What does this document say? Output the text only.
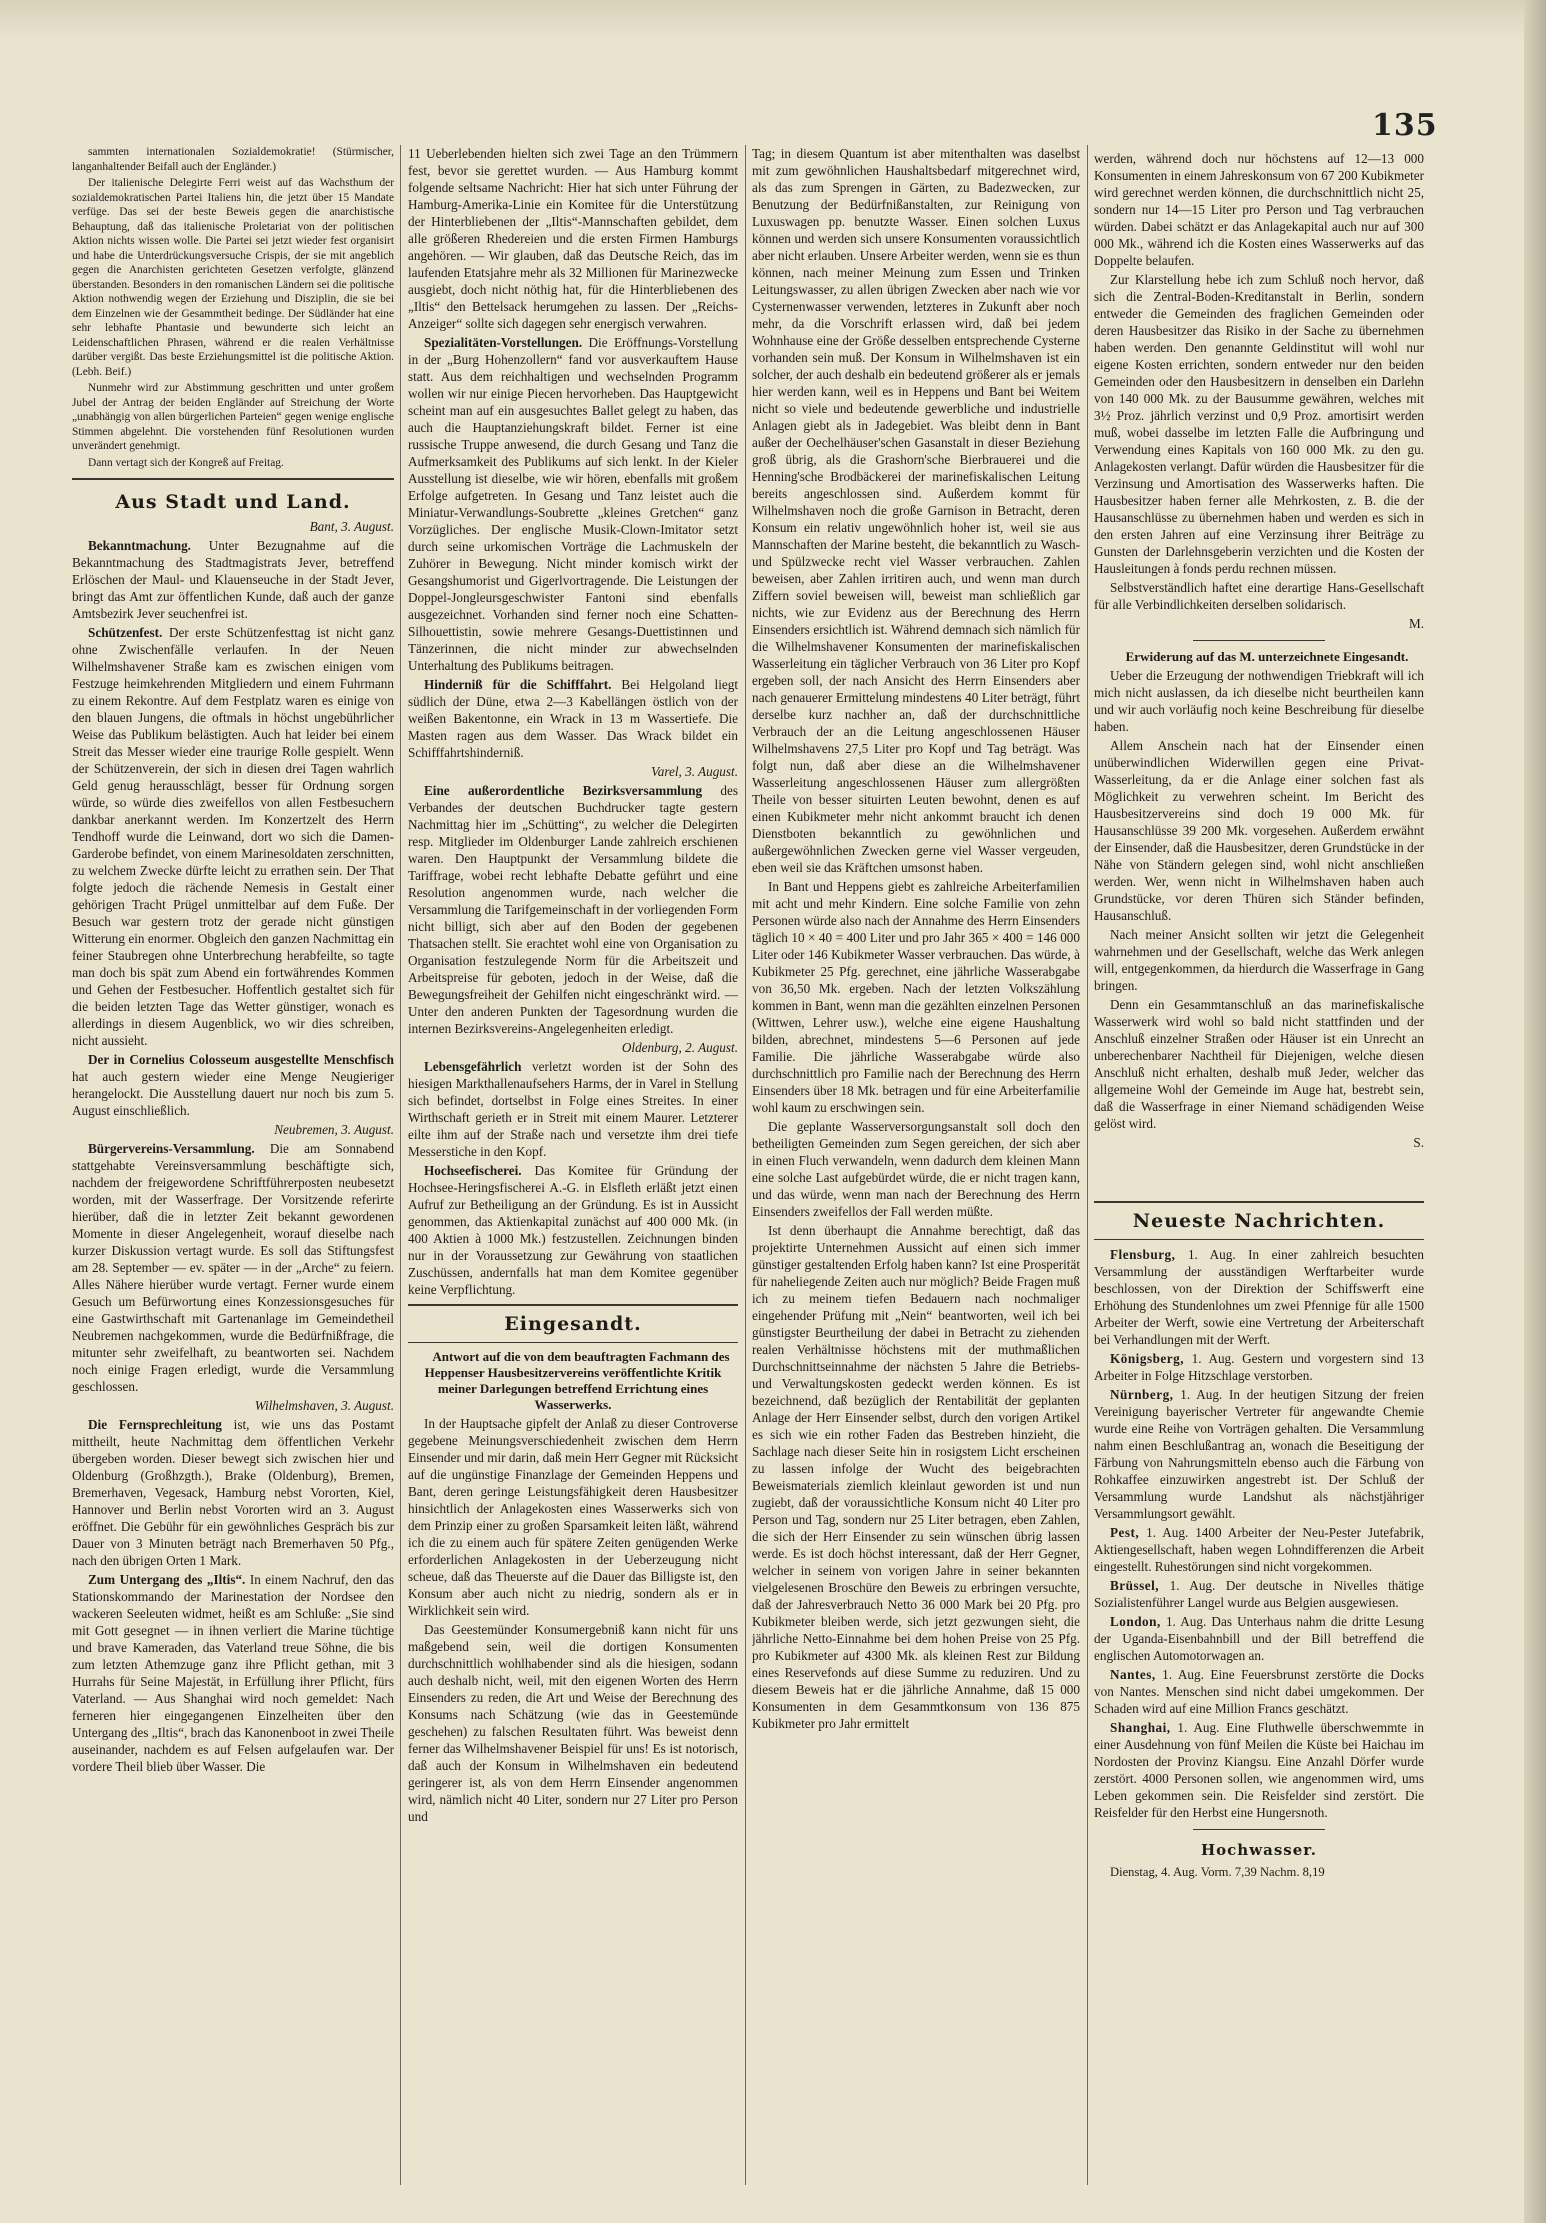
135

sammten internationalen Sozialdemokratie! (Stürmischer, langanhaltender Beifall auch der Engländer.)

Der italienische Delegirte Ferri weist auf das Wachsthum der sozialdemokratischen Partei Italiens hin, die jetzt über 15 Mandate verfüge. Das sei der beste Beweis gegen die anarchistische Behauptung, daß das italienische Proletariat von der politischen Aktion nichts wissen wolle. Die Partei sei jetzt wieder fest organisirt und habe die Unterdrückungsversuche Crispis, der sie mit angeblich gegen die Anarchisten gerichteten Gesetzen verfolgte, glänzend überstanden. Besonders in den romanischen Ländern sei die politische Aktion nothwendig wegen der Erziehung und Disziplin, die sie bei dem Einzelnen wie der Gesammtheit bedinge. Der Südländer hat eine sehr lebhafte Phantasie und bewunderte sich leicht an Leidenschaftlichen Phrasen, während er die realen Verhältnisse darüber vergißt. Das beste Erziehungsmittel ist die politische Aktion. (Lebh. Beif.)

Nunmehr wird zur Abstimmung geschritten und unter großem Jubel der Antrag der beiden Engländer auf Streichung der Worte „unabhängig von allen bürgerlichen Parteien“ gegen wenige englische Stimmen abgelehnt. Die vorstehenden fünf Resolutionen wurden unverändert genehmigt.

Dann vertagt sich der Kongreß auf Freitag.

Aus Stadt und Land.

Bant, 3. August.

Bekanntmachung. Unter Bezugnahme auf die Bekanntmachung des Stadtmagistrats Jever, betreffend Erlöschen der Maul- und Klauenseuche in der Stadt Jever, bringt das Amt zur öffentlichen Kunde, daß auch der ganze Amtsbezirk Jever seuchenfrei ist.

Schützenfest. Der erste Schützenfesttag ist nicht ganz ohne Zwischenfälle verlaufen. In der Neuen Wilhelmshavener Straße kam es zwischen einigen vom Festzuge heimkehrenden Mitgliedern und einem Fuhrmann zu einem Rekontre. Auf dem Festplatz waren es einige von den blauen Jungens, die oftmals in höchst ungebührlicher Weise das Publikum belästigten. Auch hat leider bei einem Streit das Messer wieder eine traurige Rolle gespielt. Wenn der Schützenverein, der sich in diesen drei Tagen wahrlich Geld genug herausschlägt, besser für Ordnung sorgen würde, so würde dies zweifellos von allen Festbesuchern dankbar anerkannt werden. Im Konzertzelt des Herrn Tendhoff wurde die Leinwand, dort wo sich die Damen-Garderobe befindet, von einem Marinesoldaten zerschnitten, zu welchem Zwecke dürfte leicht zu errathen sein. Der That folgte jedoch die rächende Nemesis in Gestalt einer gehörigen Tracht Prügel unmittelbar auf dem Fuße. Der Besuch war gestern trotz der gerade nicht günstigen Witterung ein enormer. Obgleich den ganzen Nachmittag ein feiner Staubregen ohne Unterbrechung herabfeilte, so tagte man doch bis spät zum Abend ein fortwährendes Kommen und Gehen der Festbesucher. Hoffentlich gestaltet sich für die beiden letzten Tage das Wetter günstiger, wonach es allerdings in diesem Augenblick, wo wir dies schreiben, nicht aussieht.

Der in Cornelius Colosseum ausgestellte Menschfisch hat auch gestern wieder eine Menge Neugieriger herangelockt. Die Ausstellung dauert nur noch bis zum 5. August einschließlich.

Neubremen, 3. August.

Bürgervereins-Versammlung. Die am Sonnabend stattgehabte Vereinsversammlung beschäftigte sich, nachdem der freigewordene Schriftführerposten neubesetzt worden, mit der Wasserfrage. Der Vorsitzende referirte hierüber, daß die in letzter Zeit bekannt gewordenen Momente in dieser Angelegenheit, worauf dieselbe nach kurzer Diskussion vertagt wurde. Es soll das Stiftungsfest am 28. September — ev. später — in der „Arche“ zu feiern. Alles Nähere hierüber wurde vertagt. Ferner wurde einem Gesuch um Befürwortung eines Konzessionsgesuches für eine Gastwirthschaft mit Gartenanlage im Gemeindetheil Neubremen nachgekommen, wurde die Bedürfnißfrage, die mitunter sehr zweifelhaft, zu beantworten sei. Nachdem noch einige Fragen erledigt, wurde die Versammlung geschlossen.

Wilhelmshaven, 3. August.

Die Fernsprechleitung ist, wie uns das Postamt mittheilt, heute Nachmittag dem öffentlichen Verkehr übergeben worden. Dieser bewegt sich zwischen hier und Oldenburg (Großhzgth.), Brake (Oldenburg), Bremen, Bremerhaven, Vegesack, Hamburg nebst Vororten, Kiel, Hannover und Berlin nebst Vororten wird an 3. August eröffnet. Die Gebühr für ein gewöhnliches Gespräch bis zur Dauer von 3 Minuten beträgt nach Bremerhaven 50 Pfg., nach den übrigen Orten 1 Mark.

Zum Untergang des „Iltis“. In einem Nachruf, den das Stationskommando der Marinestation der Nordsee den wackeren Seeleuten widmet, heißt es am Schluße: „Sie sind mit Gott gesegnet — in ihnen verliert die Marine tüchtige und brave Kameraden, das Vaterland treue Söhne, die bis zum letzten Athemzuge ganz ihre Pflicht gethan, mit 3 Hurrahs für Seine Majestät, in Erfüllung ihrer Pflicht, fürs Vaterland. — Aus Shanghai wird noch gemeldet: Nach ferneren hier eingegangenen Einzelheiten über den Untergang des „Iltis“, brach das Kanonenboot in zwei Theile auseinander, nachdem es auf Felsen aufgelaufen war. Der vordere Theil blieb über Wasser. Die

11 Ueberlebenden hielten sich zwei Tage an den Trümmern fest, bevor sie gerettet wurden. — Aus Hamburg kommt folgende seltsame Nachricht: Hier hat sich unter Führung der Hamburg-Amerika-Linie ein Komitee für die Unterstützung der Hinterbliebenen der „Iltis“-Mannschaften gebildet, dem alle größeren Rhedereien und die ersten Firmen Hamburgs angehören. — Wir glauben, daß das Deutsche Reich, das im laufenden Etatsjahre mehr als 32 Millionen für Marinezwecke ausgiebt, doch nicht nöthig hat, für die Hinterbliebenen des „Iltis“ den Bettelsack herumgehen zu lassen. Der „Reichs-Anzeiger“ sollte sich dagegen sehr energisch verwahren.

Spezialitäten-Vorstellungen. Die Eröffnungs-Vorstellung in der „Burg Hohenzollern“ fand vor ausverkauftem Hause statt. Aus dem reichhaltigen und wechselnden Programm wollen wir nur einige Piecen hervorheben. Das Hauptgewicht scheint man auf ein ausgesuchtes Ballet gelegt zu haben, das auch die Hauptanziehungskraft bildet. Ferner ist eine russische Truppe anwesend, die durch Gesang und Tanz die Aufmerksamkeit des Publikums auf sich lenkt. In der Kieler Ausstellung ist dieselbe, wie wir hören, ebenfalls mit großem Erfolge aufgetreten. In Gesang und Tanz leistet auch die Miniatur-Verwandlungs-Soubrette „kleines Gretchen“ ganz Vorzügliches. Der englische Musik-Clown-Imitator setzt durch seine urkomischen Vorträge die Lachmuskeln der Zuhörer in Bewegung. Nicht minder komisch wirkt der Gesangshumorist und Gigerlvortragende. Die Leistungen der Doppel-Jongleursgeschwister Fantoni sind ebenfalls ausgezeichnet. Vorhanden sind ferner noch eine Schatten-Silhouettistin, sowie mehrere Gesangs-Duettistinnen und Tänzerinnen, die nicht minder zur abwechselnden Unterhaltung des Publikums beitragen.

Hinderniß für die Schifffahrt. Bei Helgoland liegt südlich der Düne, etwa 2—3 Kabellängen östlich von der weißen Bakentonne, ein Wrack in 13 m Wassertiefe. Die Masten ragen aus dem Wasser. Das Wrack bildet ein Schifffahrtshinderniß.

Varel, 3. August.

Eine außerordentliche Bezirksversammlung des Verbandes der deutschen Buchdrucker tagte gestern Nachmittag hier im „Schütting“, zu welcher die Delegirten resp. Mitglieder im Oldenburger Lande zahlreich erschienen waren. Den Hauptpunkt der Versammlung bildete die Tariffrage, wobei recht lebhafte Debatte geführt und eine Resolution angenommen wurde, nach welcher die Versammlung die Tarifgemeinschaft in der vorliegenden Form nicht billigt, sich aber auf den Boden der gegebenen Thatsachen stellt. Sie erachtet wohl eine von Organisation zu Organisation festzulegende Norm für die Arbeitszeit und Arbeitspreise für geboten, jedoch in der Weise, daß die Bewegungsfreiheit der Gehilfen nicht eingeschränkt wird. — Unter den anderen Punkten der Tagesordnung wurden die internen Bezirksvereins-Angelegenheiten erledigt.

Oldenburg, 2. August.

Lebensgefährlich verletzt worden ist der Sohn des hiesigen Markthallenaufsehers Harms, der in Varel in Stellung sich befindet, dortselbst in Folge eines Streites. In einer Wirthschaft gerieth er in Streit mit einem Maurer. Letzterer eilte ihm auf der Straße nach und versetzte ihm drei tiefe Messerstiche in den Kopf.

Hochseefischerei. Das Komitee für Gründung der Hochsee-Heringsfischerei A.-G. in Elsfleth erläßt jetzt einen Aufruf zur Betheiligung an der Gründung. Es ist in Aussicht genommen, das Aktienkapital zunächst auf 400 000 Mk. (in 400 Aktien à 1000 Mk.) festzustellen. Zeichnungen binden nur in der Voraussetzung zur Gewährung von staatlichen Zuschüssen, andernfalls hat man dem Komitee gegenüber keine Verpflichtung.

Eingesandt.

Antwort auf die von dem beauftragten Fachmann des Heppenser Hausbesitzervereins veröffentlichte Kritik meiner Darlegungen betreffend Errichtung eines Wasserwerks.

In der Hauptsache gipfelt der Anlaß zu dieser Controverse gegebene Meinungsverschiedenheit zwischen dem Herrn Einsender und mir darin, daß mein Herr Gegner mit Rücksicht auf die ungünstige Finanzlage der Gemeinden Heppens und Bant, deren geringe Leistungsfähigkeit deren Hausbesitzer hinsichtlich der Anlagekosten eines Wasserwerks sich von dem Prinzip einer zu großen Sparsamkeit leiten läßt, während ich die zu einem auch für spätere Zeiten genügenden Werke erforderlichen Anlagekosten in der Ueberzeugung nicht scheue, daß das Theuerste auf die Dauer das Billigste ist, den Konsum aber auch nicht zu niedrig, sondern als er in Wirklichkeit sein wird.

Das Geestemünder Konsumergebniß kann nicht für uns maßgebend sein, weil die dortigen Konsumenten durchschnittlich wohlhabender sind als die hiesigen, sodann auch deshalb nicht, weil, mit den eigenen Worten des Herrn Einsenders zu reden, die Art und Weise der Berechnung des Konsums nach Schätzung (wie das in Geestemünde geschehen) zu falschen Resultaten führt. Was beweist denn ferner das Wilhelmshavener Beispiel für uns! Es ist notorisch, daß auch der Konsum in Wilhelmshaven ein bedeutend geringerer ist, als von dem Herrn Einsender angenommen wird, nämlich nicht 40 Liter, sondern nur 27 Liter pro Person und

Tag; in diesem Quantum ist aber mitenthalten was daselbst mit zum gewöhnlichen Haushaltsbedarf mitgerechnet wird, als das zum Sprengen in Gärten, zu Badezwecken, zur Benutzung der Bedürfnißanstalten, zur Reinigung von Luxuswagen pp. benutzte Wasser. Einen solchen Luxus können und werden sich unsere Konsumenten voraussichtlich aber nicht erlauben. Unsere Arbeiter werden, wenn sie es thun können, nach meiner Meinung zum Essen und Trinken Leitungswasser, zu allen übrigen Zwecken aber nach wie vor Cysternenwasser verwenden, letzteres in Zukunft aber noch mehr, da die Vorschrift erlassen wird, daß bei jedem Wohnhause eine der Größe desselben entsprechende Cysterne vorhanden sein muß. Der Konsum in Wilhelmshaven ist ein solcher, der auch deshalb ein bedeutend größerer als er jemals hier werden kann, weil es in Heppens und Bant bei Weitem nicht so viele und bedeutende gewerbliche und industrielle Anlagen giebt als in Jadegebiet. Was bleibt denn in Bant außer der Oechelhäuser'schen Gasanstalt in dieser Beziehung groß übrig, als die Grashorn'sche Bierbrauerei und die Henning'sche Brodbäckerei der marinefiskalischen Leitung bereits angeschlossen sind. Außerdem kommt für Wilhelmshaven noch die große Garnison in Betracht, deren Konsum ein relativ ungewöhnlich hoher ist, weil sie aus Mannschaften der Marine besteht, die bekanntlich zu Wasch- und Spülzwecke recht viel Wasser verbrauchen. Zahlen beweisen, aber Zahlen irritiren auch, und wenn man durch Ziffern soviel beweisen will, beweist man schließlich gar nichts, wie zur Evidenz aus der Berechnung des Herrn Einsenders ersichtlich ist. Während demnach sich nämlich für die Wilhelmshavener Konsumenten der marinefiskalischen Wasserleitung ein täglicher Verbrauch von 36 Liter pro Kopf ergeben soll, der nach Ansicht des Herrn Einsenders aber nach genauerer Ermittelung mindestens 40 Liter beträgt, führt derselbe kurz nachher an, daß der durchschnittliche Verbrauch der an die Leitung angeschlossenen Häuser Wilhelmshavens 27,5 Liter pro Kopf und Tag beträgt. Was folgt nun, daß aber diese an die Wilhelmshavener Wasserleitung angeschlossenen Häuser zum allergrößten Theile von besser situirten Leuten bewohnt, denen es auf einen Kubikmeter mehr nicht ankommt braucht ich denen Dienstboten bekanntlich zu gewöhnlichen und außergewöhnlichen Zwecken gerne viel Wasser vergeuden, eben weil sie das Kräftchen umsonst haben.

In Bant und Heppens giebt es zahlreiche Arbeiterfamilien mit acht und mehr Kindern. Eine solche Familie von zehn Personen würde also nach der Annahme des Herrn Einsenders täglich 10 × 40 = 400 Liter und pro Jahr 365 × 400 = 146 000 Liter oder 146 Kubikmeter Wasser verbrauchen. Das würde, à Kubikmeter 25 Pfg. gerechnet, eine jährliche Wasserabgabe von 36,50 Mk. ergeben. Nach der letzten Volkszählung kommen in Bant, wenn man die gezählten einzelnen Personen (Wittwen, Lehrer usw.), welche eine eigene Haushaltung bilden, abrechnet, mindestens 5—6 Personen auf jede Familie. Die jährliche Wasserabgabe würde also durchschnittlich pro Familie nach der Berechnung des Herrn Einsenders über 18 Mk. betragen und für eine Arbeiterfamilie wohl kaum zu erschwingen sein.

Die geplante Wasserversorgungsanstalt soll doch den betheiligten Gemeinden zum Segen gereichen, der sich aber in einen Fluch verwandeln, wenn dadurch dem kleinen Mann eine solche Last aufgebürdet würde, die er nicht tragen kann, und das würde, wenn man nach der Berechnung des Herrn Einsenders zweifellos der Fall werden müßte.

Ist denn überhaupt die Annahme berechtigt, daß das projektirte Unternehmen Aussicht auf einen sich immer günstiger gestaltenden Erfolg haben kann? Ist eine Prosperität für naheliegende Zeiten auch nur möglich? Beide Fragen muß ich zu meinem tiefen Bedauern nach nochmaliger eingehender Prüfung mit „Nein“ beantworten, weil ich bei günstigster Beurtheilung der dabei in Betracht zu ziehenden realen Verhältnisse höchstens mit der muthmaßlichen Durchschnittseinnahme der nächsten 5 Jahre die Betriebs- und Verwaltungskosten gedeckt werden können. Es ist bezeichnend, daß bezüglich der Rentabilität der geplanten Anlage der Herr Einsender selbst, durch den vorigen Artikel es sich wie ein rother Faden das Bestreben hinzieht, die Sachlage nach dieser Seite hin in rosigstem Licht erscheinen zu lassen infolge der Wucht des beigebrachten Beweismaterials ziemlich kleinlaut geworden ist und nun zugiebt, daß der voraussichtliche Konsum nicht 40 Liter pro Person und Tag, sondern nur 25 Liter betragen, eben Zahlen, die sich der Herr Einsender zu sein wünschen übrig lassen werde. Es ist doch höchst interessant, daß der Herr Gegner, welcher in seinem von vorigen Jahre in seiner bekannten vielgelesenen Broschüre den Beweis zu erbringen versuchte, daß der Jahresverbrauch Netto 36 000 Mark bei 20 Pfg. pro Kubikmeter bleiben werde, sich jetzt gezwungen sieht, die jährliche Netto-Einnahme bei dem hohen Preise von 25 Pfg. pro Kubikmeter auf 4300 Mk. als kleinen Rest zur Bildung eines Reservefonds auf diese Summe zu reduziren. Und zu diesem Beweis hat er die jährliche Annahme, daß 15 000 Konsumenten in dem Gesammtkonsum von 136 875 Kubikmeter pro Jahr ermittelt

werden, während doch nur höchstens auf 12—13 000 Konsumenten in einem Jahreskonsum von 67 200 Kubikmeter wird gerechnet werden können, die durchschnittlich nicht 25, sondern nur 14—15 Liter pro Person und Tag verbrauchen würden. Dabei schätzt er das Anlagekapital auch nur auf 300 000 Mk., während ich die Kosten eines Wasserwerks auf das Doppelte belaufen.

Zur Klarstellung hebe ich zum Schluß noch hervor, daß sich die Zentral-Boden-Kreditanstalt in Berlin, sondern entweder die Gemeinden des fraglichen Gemeinden oder deren Hausbesitzer das Risiko in der Sache zu übernehmen haben werden. Den genannte Geldinstitut will wohl nur eigene Kosten errichten, sondern entweder nur den beiden Gemeinden oder den Hausbesitzern in denselben ein Darlehn von 140 000 Mk. zu der Bausumme gewähren, welches mit 3½ Proz. jährlich verzinst und 0,9 Proz. amortisirt werden muß, wobei dasselbe im letzten Falle die Aufbringung und Verwendung eines Kapitals von 160 000 Mk. zu den gu. Anlagekosten verlangt. Dafür würden die Hausbesitzer für die Verzinsung und Amortisation des Wasserwerks haften. Die Hausbesitzer haben ferner alle Mehrkosten, z. B. die der Hausanschlüsse zu übernehmen haben und werden es sich in den ersten Jahren auf eine Verzinsung ihrer Beiträge zu Gunsten der Darlehnsgeberin verzichten und die Kosten der Hausleitungen à fonds perdu rechnen müssen.

Selbstverständlich haftet eine derartige Hans-Gesellschaft für alle Verbindlichkeiten derselben solidarisch.

M.

Erwiderung auf das M. unterzeichnete Eingesandt.

Ueber die Erzeugung der nothwendigen Triebkraft will ich mich nicht auslassen, da ich dieselbe nicht beurtheilen kann und wir auch vorläufig noch keine Beschreibung für dieselbe haben.

Allem Anschein nach hat der Einsender einen unüberwindlichen Widerwillen gegen eine Privat-Wasserleitung, da er die Anlage einer solchen fast als Möglichkeit zu verwehren scheint. Im Bericht des Hausbesitzervereins sind doch 19 000 Mk. für Hausanschlüsse 39 200 Mk. vorgesehen. Außerdem erwähnt der Einsender, daß die Hausbesitzer, deren Grundstücke in der Nähe von Ständern gelegen sind, wohl nicht anschließen werden. Wer, wenn nicht in Wilhelmshaven haben auch Grundstücke, vor deren Thüren sich Ständer befinden, Hausanschluß.

Nach meiner Ansicht sollten wir jetzt die Gelegenheit wahrnehmen und der Gesellschaft, welche das Werk anlegen will, entgegenkommen, da hierdurch die Wasserfrage in Gang bringen.

Denn ein Gesammtanschluß an das marinefiskalische Wasserwerk wird wohl so bald nicht stattfinden und der Anschluß einzelner Straßen oder Häuser ist ein Unrecht an unberechenbarer Nachtheil für Diejenigen, welche diesen Anschluß nicht erhalten, deshalb muß Jeder, welcher das allgemeine Wohl der Gemeinde im Auge hat, bestrebt sein, daß die Wasserfrage in einer Niemand schädigenden Weise gelöst wird.

S.

Neueste Nachrichten.

Flensburg, 1. Aug. In einer zahlreich besuchten Versammlung der ausständigen Werftarbeiter wurde beschlossen, von der Direktion der Schiffswerft eine Erhöhung des Stundenlohnes um zwei Pfennige für alle 1500 Arbeiter der Werft, sowie eine Vertretung der Arbeiterschaft bei Verhandlungen mit der Werft.

Königsberg, 1. Aug. Gestern und vorgestern sind 13 Arbeiter in Folge Hitzschlage verstorben.

Nürnberg, 1. Aug. In der heutigen Sitzung der freien Vereinigung bayerischer Vertreter für angewandte Chemie wurde eine Reihe von Vorträgen gehalten. Die Versammlung nahm einen Beschlußantrag an, wonach die Beseitigung der Färbung von Nahrungsmitteln ebenso auch die Färbung von Rohkaffee einzuwirken angestrebt ist. Der Schluß der Versammlung wurde Landshut als nächstjähriger Versammlungsort gewählt.

Pest, 1. Aug. 1400 Arbeiter der Neu-Pester Jutefabrik, Aktiengesellschaft, haben wegen Lohndifferenzen die Arbeit eingestellt. Ruhestörungen sind nicht vorgekommen.

Brüssel, 1. Aug. Der deutsche in Nivelles thätige Sozialistenführer Langel wurde aus Belgien ausgewiesen.

London, 1. Aug. Das Unterhaus nahm die dritte Lesung der Uganda-Eisenbahnbill und der Bill betreffend die englischen Automotorwagen an.

Nantes, 1. Aug. Eine Feuersbrunst zerstörte die Docks von Nantes. Menschen sind nicht dabei umgekommen. Der Schaden wird auf eine Million Francs geschätzt.

Shanghai, 1. Aug. Eine Fluthwelle überschwemmte in einer Ausdehnung von fünf Meilen die Küste bei Haichau im Nordosten der Provinz Kiangsu. Eine Anzahl Dörfer wurde zerstört. 4000 Personen sollen, wie angenommen wird, ums Leben gekommen sein. Die Reisfelder sind zerstört. Die Reisfelder für den Herbst eine Hungersnoth.

Hochwasser.

Dienstag, 4. Aug. Vorm. 7,39 Nachm. 8,19
